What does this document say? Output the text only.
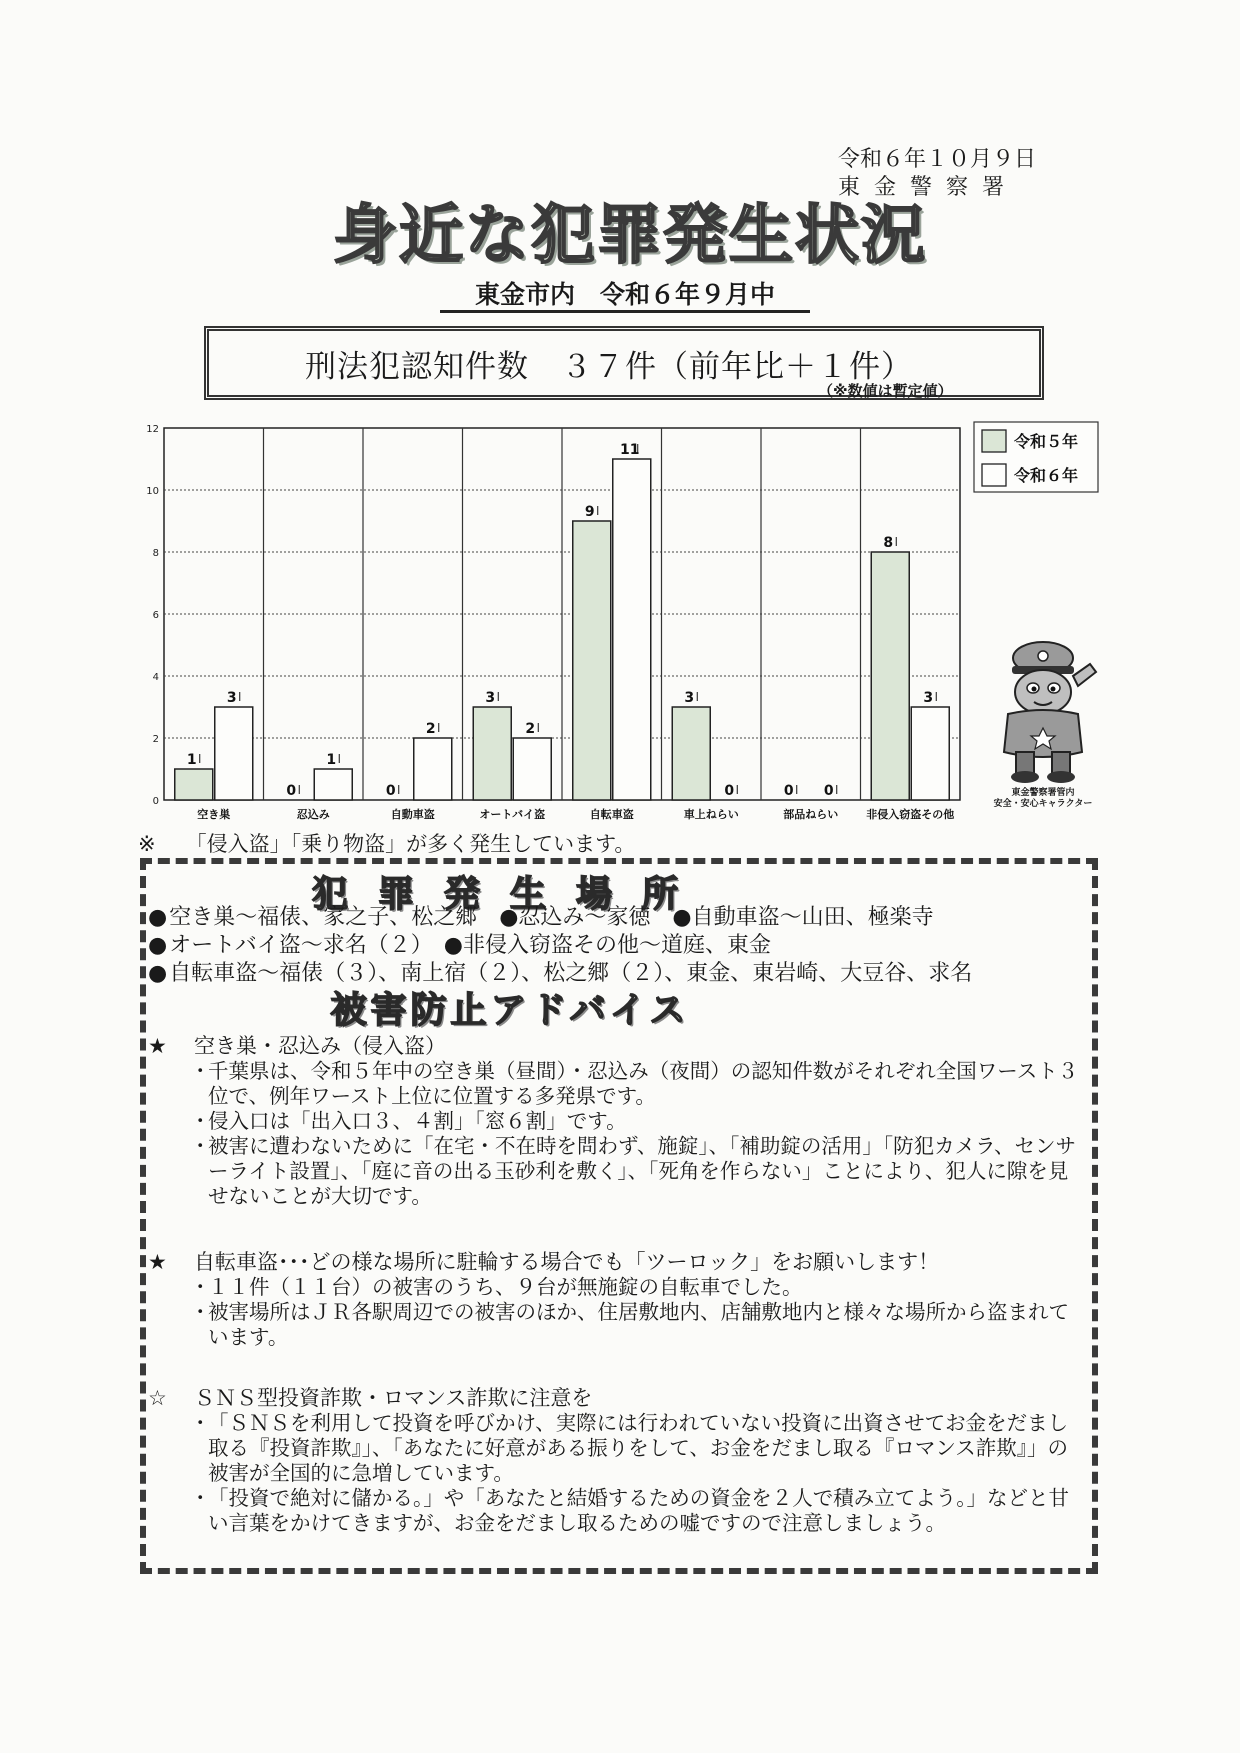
令和６年１０月９日
東金警察署
身近な犯罪発生状況
東金市内　令和６年９月中
刑法犯認知件数　３７件（前年比＋１件）
（※数値は暫定値）
0
2
4
6
8
10
12
1
3
空き巣
0
1
忍込み
0
2
自動車盗
3
2
オートバイ盗
9
11
自転車盗
3
0
車上ねらい
0 0
部品ねらい
8
3
非侵入窃盗その他
令和５年
令和６年
東金警察署管内
安全・安心キャラクター
※ 「侵入盗」「乗り物盗」が多く発生しています。
犯罪発生場所
●空き巣～福俵、家之子、松之郷　●忍込み～家徳　●自動車盗～山田、極楽寺
●オートバイ盗～求名（２）　●非侵入窃盗その他～道庭、東金
●自転車盗～福俵（３）、南上宿（２）、松之郷（２）、東金、東岩崎、大豆谷、求名
被害防止アドバイス
★ 空き巣・忍込み（侵入盗）
・千葉県は、令和５年中の空き巣（昼間）・忍込み（夜間）の認知件数がそれぞれ全国ワースト３位で、例年ワースト上位に位置する多発県です。
・侵入口は「出入口３、４割」「窓６割」です。
・被害に遭わないために「在宅・不在時を問わず、施錠」、「補助錠の活用」「防犯カメラ、センサーライト設置」、「庭に音の出る玉砂利を敷く」、「死角を作らない」ことにより、犯人に隙を見せないことが大切です。
★ 自転車盗･･･どの様な場所に駐輪する場合でも「ツーロック」をお願いします！
・１１件（１１台）の被害のうち、９台が無施錠の自転車でした。
・被害場所はＪＲ各駅周辺での被害のほか、住居敷地内、店舗敷地内と様々な場所から盗まれています。
☆ ＳＮＳ型投資詐欺・ロマンス詐欺に注意を
・「ＳＮＳを利用して投資を呼びかけ、実際には行われていない投資に出資させてお金をだまし取る『投資詐欺』」、「あなたに好意がある振りをして、お金をだまし取る『ロマンス詐欺』」の被害が全国的に急増しています。
・「投資で絶対に儲かる。」や「あなたと結婚するための資金を２人で積み立てよう。」などと甘い言葉をかけてきますが、お金をだまし取るための嘘ですので注意しましょう。
